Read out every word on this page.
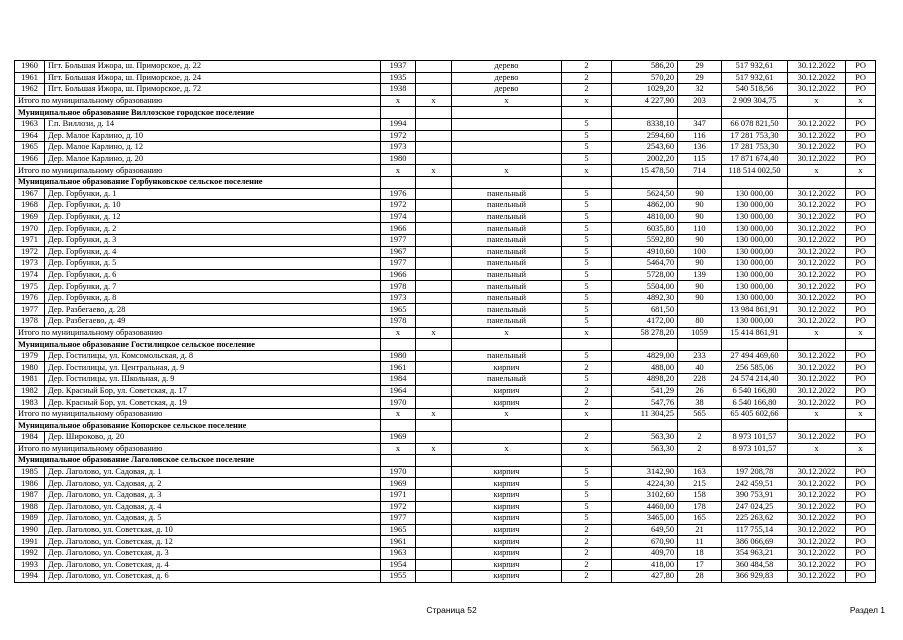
1960	Пгт. Большая Ижора, ш. Приморское, д. 22	1937		дерево	2	586,20	29	517 932,61	30.12.2022	РО
1961	Пгт. Большая Ижора, ш. Приморское, д. 24	1935		дерево	2	570,20	29	517 932,61	30.12.2022	РО
1962	Пгт. Большая Ижора, ш. Приморское, д. 72	1938		дерево	2	1029,20	32	540 518,56	30.12.2022	РО
Итого по муниципальному образованию		x	x	x	x	4 227,90	203	2 909 304,75	x	x
Муниципальное образование Виллозское городское поселение										
1963	Г.п. Виллози, д. 14	1994			5	8338,10	347	66 078 821,50	30.12.2022	РО
1964	Дер. Малое Карлино, д. 10	1972			5	2594,60	116	17 281 753,30	30.12.2022	РО
1965	Дер. Малое Карлино, д. 12	1973			5	2543,60	136	17 281 753,30	30.12.2022	РО
1966	Дер. Малое Карлино, д. 20	1980			5	2002,20	115	17 871 674,40	30.12.2022	РО
Итого по муниципальному образованию		x	x	x	x	15 478,50	714	118 514 002,50	x	x
Муниципальное образование Горбунковское сельское поселение										
1967	Дер. Горбунки, д. 1	1976		панельный	5	5624,50	90	130 000,00	30.12.2022	РО
1968	Дер. Горбунки, д. 10	1972		панельный	5	4862,00	90	130 000,00	30.12.2022	РО
1969	Дер. Горбунки, д. 12	1974		панельный	5	4810,00	90	130 000,00	30.12.2022	РО
1970	Дер. Горбунки, д. 2	1966		панельный	5	6035,80	110	130 000,00	30.12.2022	РО
1971	Дер. Горбунки, д. 3	1977		панельный	5	5592,80	90	130 000,00	30.12.2022	РО
1972	Дер. Горбунки, д. 4	1967		панельный	5	4910,60	100	130 000,00	30.12.2022	РО
1973	Дер. Горбунки, д. 5	1977		панельный	5	5464,70	90	130 000,00	30.12.2022	РО
1974	Дер. Горбунки, д. 6	1966		панельный	5	5728,00	139	130 000,00	30.12.2022	РО
1975	Дер. Горбунки, д. 7	1978		панельный	5	5504,00	90	130 000,00	30.12.2022	РО
1976	Дер. Горбунки, д. 8	1973		панельный	5	4892,30	90	130 000,00	30.12.2022	РО
1977	Дер. Разбегаево, д. 28	1965		панельный	5	681,50		13 984 861,91	30.12.2022	РО
1978	Дер. Разбегаево, д. 49	1978		панельный	5	4172,00	80	130 000,00	30.12.2022	РО
Итого по муниципальному образованию		x	x	x	x	58 278,20	1059	15 414 861,91	x	x
Муниципальное образование Гостилицкое сельское поселение										
1979	Дер. Гостилицы, ул. Комсомольская, д. 8	1980		панельный	5	4829,00	233	27 494 469,60	30.12.2022	РО
1980	Дер. Гостилицы, ул. Центральная, д. 9	1961		кирпич	2	488,00	40	256 585,06	30.12.2022	РО
1981	Дер. Гостилицы, ул. Школьная, д. 9	1984		панельный	5	4898,20	228	24 574 214,40	30.12.2022	РО
1982	Дер. Красный Бор, ул. Советская, д. 17	1964		кирпич	2	541,29	26	6 540 166,80	30.12.2022	РО
1983	Дер. Красный Бор, ул. Советская, д. 19	1970		кирпич	2	547,76	38	6 540 166,80	30.12.2022	РО
Итого по муниципальному образованию		x	x	x	x	11 304,25	565	65 405 602,66	x	x
Муниципальное образование Копорское сельское поселение										
1984	Дер. Широково, д. 20	1969			2	563,30	2	8 973 101,57	30.12.2022	РО
Итого по муниципальному образованию		x	x	x	x	563,30	2	8 973 101,57	x	x
Муниципальное образование Лаголовское сельское поселение										
1985	Дер. Лаголово, ул. Садовая, д. 1	1970		кирпич	5	3142,90	163	197 208,78	30.12.2022	РО
1986	Дер. Лаголово, ул. Садовая, д. 2	1969		кирпич	5	4224,30	215	242 459,51	30.12.2022	РО
1987	Дер. Лаголово, ул. Садовая, д. 3	1971		кирпич	5	3102,60	158	390 753,91	30.12.2022	РО
1988	Дер. Лаголово, ул. Садовая, д. 4	1972		кирпич	5	4460,00	178	247 024,25	30.12.2022	РО
1989	Дер. Лаголово, ул. Садовая, д. 5	1977		кирпич	5	3465,00	165	225 263,62	30.12.2022	РО
1990	Дер. Лаголово, ул. Советская, д. 10	1965		кирпич	2	649,50	21	117 755,14	30.12.2022	РО
1991	Дер. Лаголово, ул. Советская, д. 12	1961		кирпич	2	670,90	11	386 066,69	30.12.2022	РО
1992	Дер. Лаголово, ул. Советская, д. 3	1963		кирпич	2	409,70	18	354 963,21	30.12.2022	РО
1993	Дер. Лаголово, ул. Советская, д. 4	1954		кирпич	2	418,00	17	360 484,58	30.12.2022	РО
1994	Дер. Лаголово, ул. Советская, д. 6	1955		кирпич	2	427,80	28	366 929,83	30.12.2022	РО
Страница 52	Раздел 1
